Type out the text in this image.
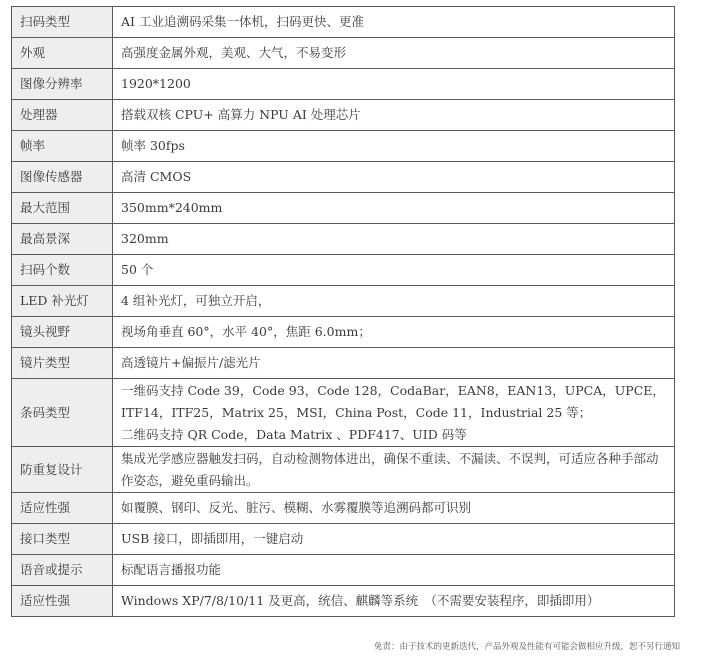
扫码类型	AI 工业追溯码采集一体机，扫码更快、更准
外观	高强度金属外观，美观、大气，不易变形
图像分辨率	1920*1200
处理器	搭载双核 CPU+ 高算力 NPU AI 处理芯片
帧率	帧率 30fps
图像传感器	高清 CMOS
最大范围	350mm*240mm
最高景深	320mm
扫码个数	50 个
LED 补光灯	4 组补光灯，可独立开启，
镜头视野	视场角垂直 60°，水平 40°，焦距 6.0mm；
镜片类型	高透镜片+偏振片/滤光片
条码类型	一维码支持 Code 39，Code 93，Code 128，CodaBar，EAN8，EAN13，UPCA，UPCE，ITF14，ITF25，Matrix 25，MSI，China Post，Code 11，Industrial 25 等；
二维码支持 QR Code，Data Matrix 、PDF417、UID 码等
防重复设计	集成光学感应器触发扫码，自动检测物体进出，确保不重读、不漏读、不误判，可适应各种手部动作姿态，避免重码输出。
适应性强	如覆膜、钢印、反光、脏污、模糊、水雾覆膜等追溯码都可识别
接口类型	USB 接口，即插即用，一键启动
语音或提示	标配语言播报功能
适应性强	Windows XP/7/8/10/11 及更高，统信、麒麟等系统　（不需要安装程序，即插即用）
免责：由于技术的更新迭代，产品外观及性能有可能会做相应升级，恕不另行通知
